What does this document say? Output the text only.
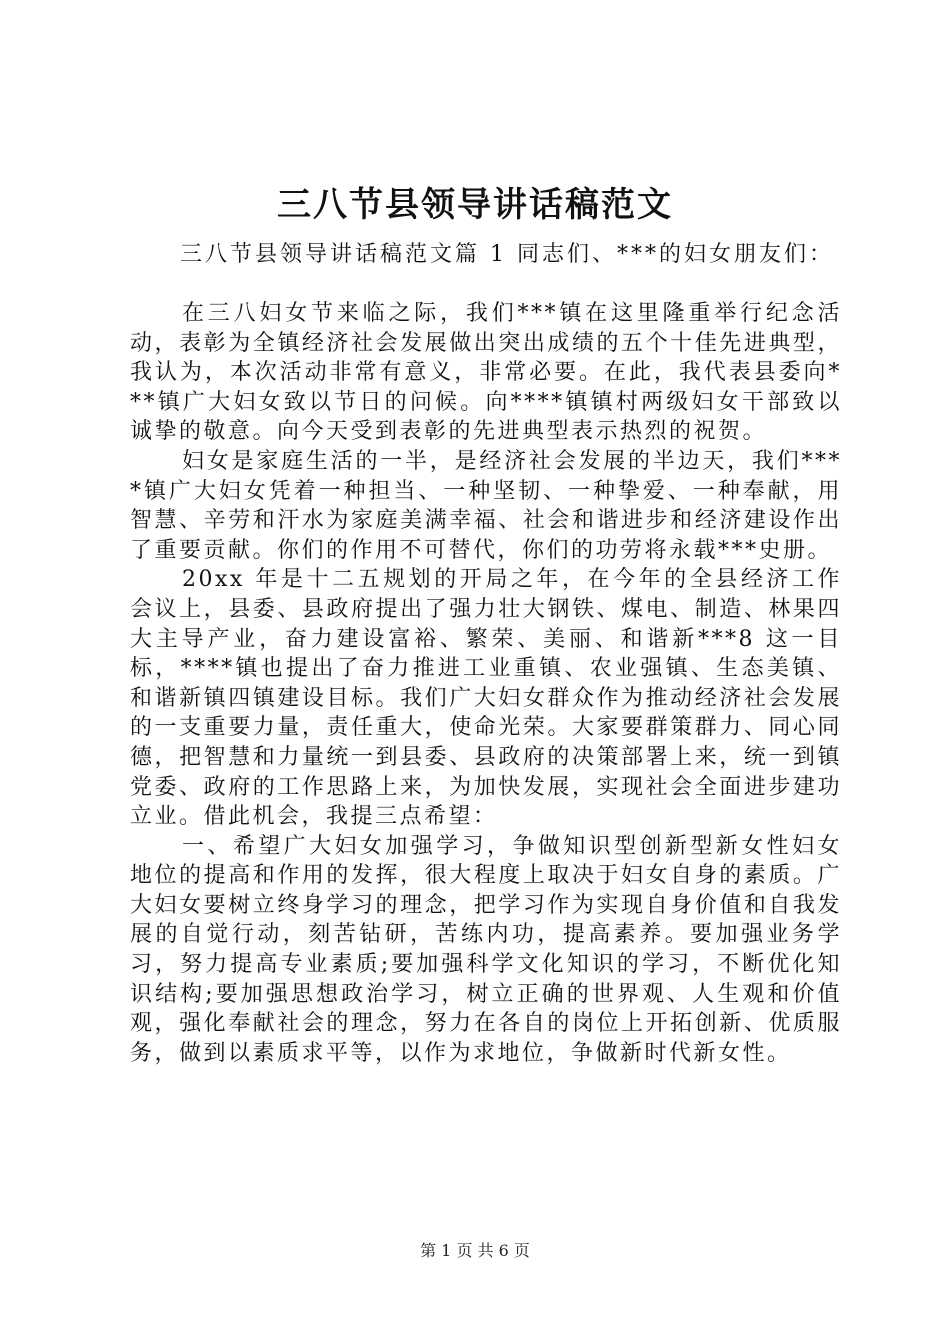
三八节县领导讲话稿范文
三八节县领导讲话稿范文篇 1 同志们、***的妇女朋友们：

在三八妇女节来临之际，我们***镇在这里隆重举行纪念活动，表彰为全镇经济社会发展做出突出成绩的五个十佳先进典型，我认为，本次活动非常有意义，非常必要。在此，我代表县委向***镇广大妇女致以节日的问候。向****镇镇村两级妇女干部致以诚挚的敬意。向今天受到表彰的先进典型表示热烈的祝贺。

妇女是家庭生活的一半，是经济社会发展的半边天，我们****镇广大妇女凭着一种担当、一种坚韧、一种挚爱、一种奉献，用智慧、辛劳和汗水为家庭美满幸福、社会和谐进步和经济建设作出了重要贡献。你们的作用不可替代，你们的功劳将永载***史册。

20xx 年是十二五规划的开局之年，在今年的全县经济工作会议上，县委、县政府提出了强力壮大钢铁、煤电、制造、林果四大主导产业，奋力建设富裕、繁荣、美丽、和谐新***8 这一目标，****镇也提出了奋力推进工业重镇、农业强镇、生态美镇、和谐新镇四镇建设目标。我们广大妇女群众作为推动经济社会发展的一支重要力量，责任重大，使命光荣。大家要群策群力、同心同德，把智慧和力量统一到县委、县政府的决策部署上来，统一到镇党委、政府的工作思路上来，为加快发展，实现社会全面进步建功立业。借此机会，我提三点希望：

一、希望广大妇女加强学习，争做知识型创新型新女性妇女地位的提高和作用的发挥，很大程度上取决于妇女自身的素质。广大妇女要树立终身学习的理念，把学习作为实现自身价值和自我发展的自觉行动，刻苦钻研，苦练内功，提高素养。要加强业务学习，努力提高专业素质;要加强科学文化知识的学习，不断优化知识结构;要加强思想政治学习，树立正确的世界观、人生观和价值观，强化奉献社会的理念，努力在各自的岗位上开拓创新、优质服务，做到以素质求平等，以作为求地位，争做新时代新女性。

第 1 页 共 6 页
